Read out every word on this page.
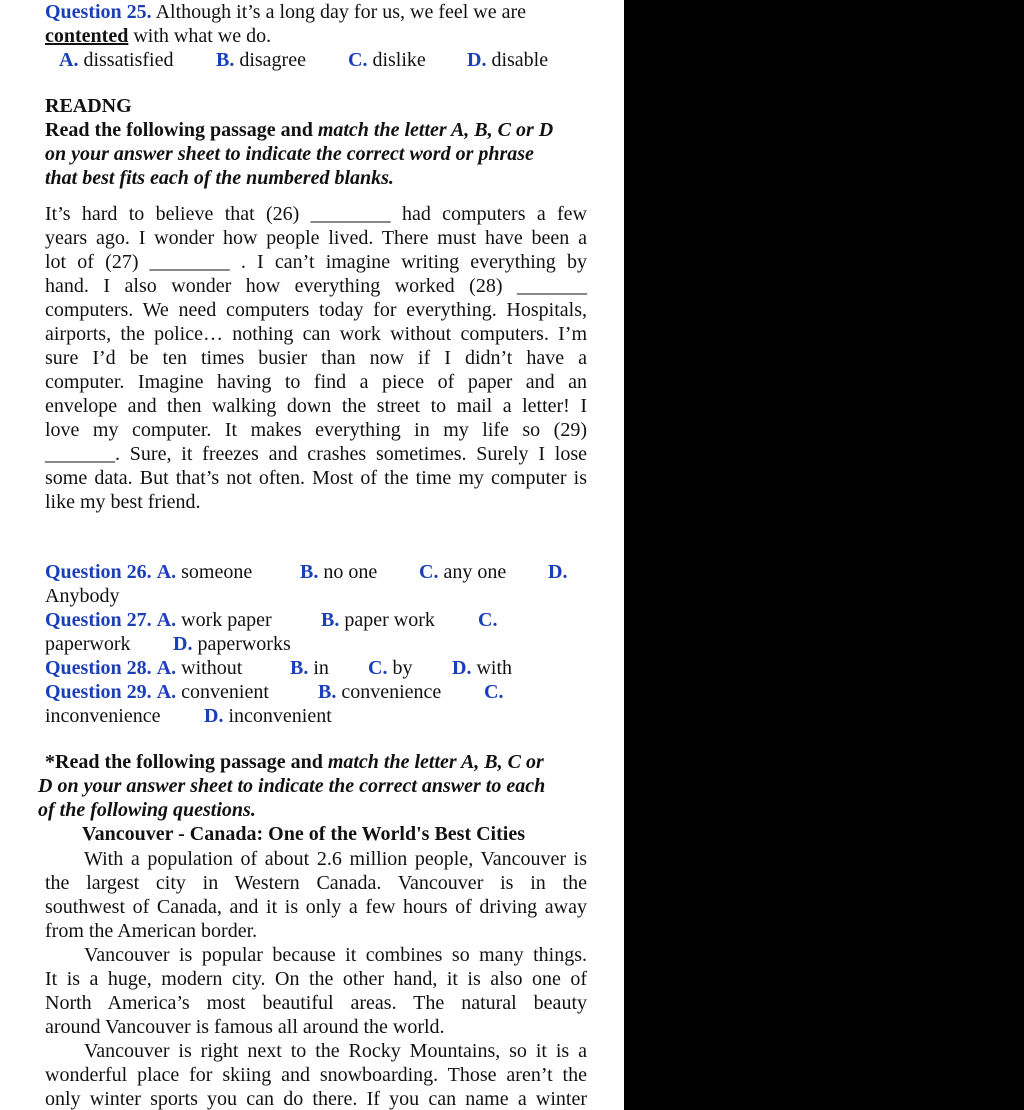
Question 25. Although it’s a long day for us, we feel we are
contented with what we do.
A. dissatisfied B. disagree C. dislike D. disable
READNG
Read the following passage and match the letter A, B, C or D
on your answer sheet to indicate the correct word or phrase
that best fits each of the numbered blanks.
It’s hard to believe that (26) ________ had computers a few
years ago. I wonder how people lived. There must have been a
lot of (27) ________ . I can’t imagine writing everything by
hand. I also wonder how everything worked (28) _______
computers. We need computers today for everything. Hospitals,
airports, the police… nothing can work without computers. I’m
sure I’d be ten times busier than now if I didn’t have a
computer. Imagine having to find a piece of paper and an
envelope and then walking down the street to mail a letter! I
love my computer. It makes everything in my life so (29)
_______. Sure, it freezes and crashes sometimes. Surely I lose
some data. But that’s not often. Most of the time my computer is
like my best friend.
Question 26. A. someone B. no one C. any one D.
Anybody
Question 27. A. work paper B. paper work C.
paperwork D. paperworks
Question 28. A. without B. in C. by D. with
Question 29. A. convenient B. convenience C.
inconvenience D. inconvenient
*Read the following passage and match the letter A, B, C or
D on your answer sheet to indicate the correct answer to each
of the following questions.
Vancouver - Canada: One of the World's Best Cities
With a population of about 2.6 million people, Vancouver is
the largest city in Western Canada. Vancouver is in the
southwest of Canada, and it is only a few hours of driving away
from the American border.
Vancouver is popular because it combines so many things.
It is a huge, modern city. On the other hand, it is also one of
North America’s most beautiful areas. The natural beauty
around Vancouver is famous all around the world.
Vancouver is right next to the Rocky Mountains, so it is a
wonderful place for skiing and snowboarding. Those aren’t the
only winter sports you can do there. If you can name a winter
